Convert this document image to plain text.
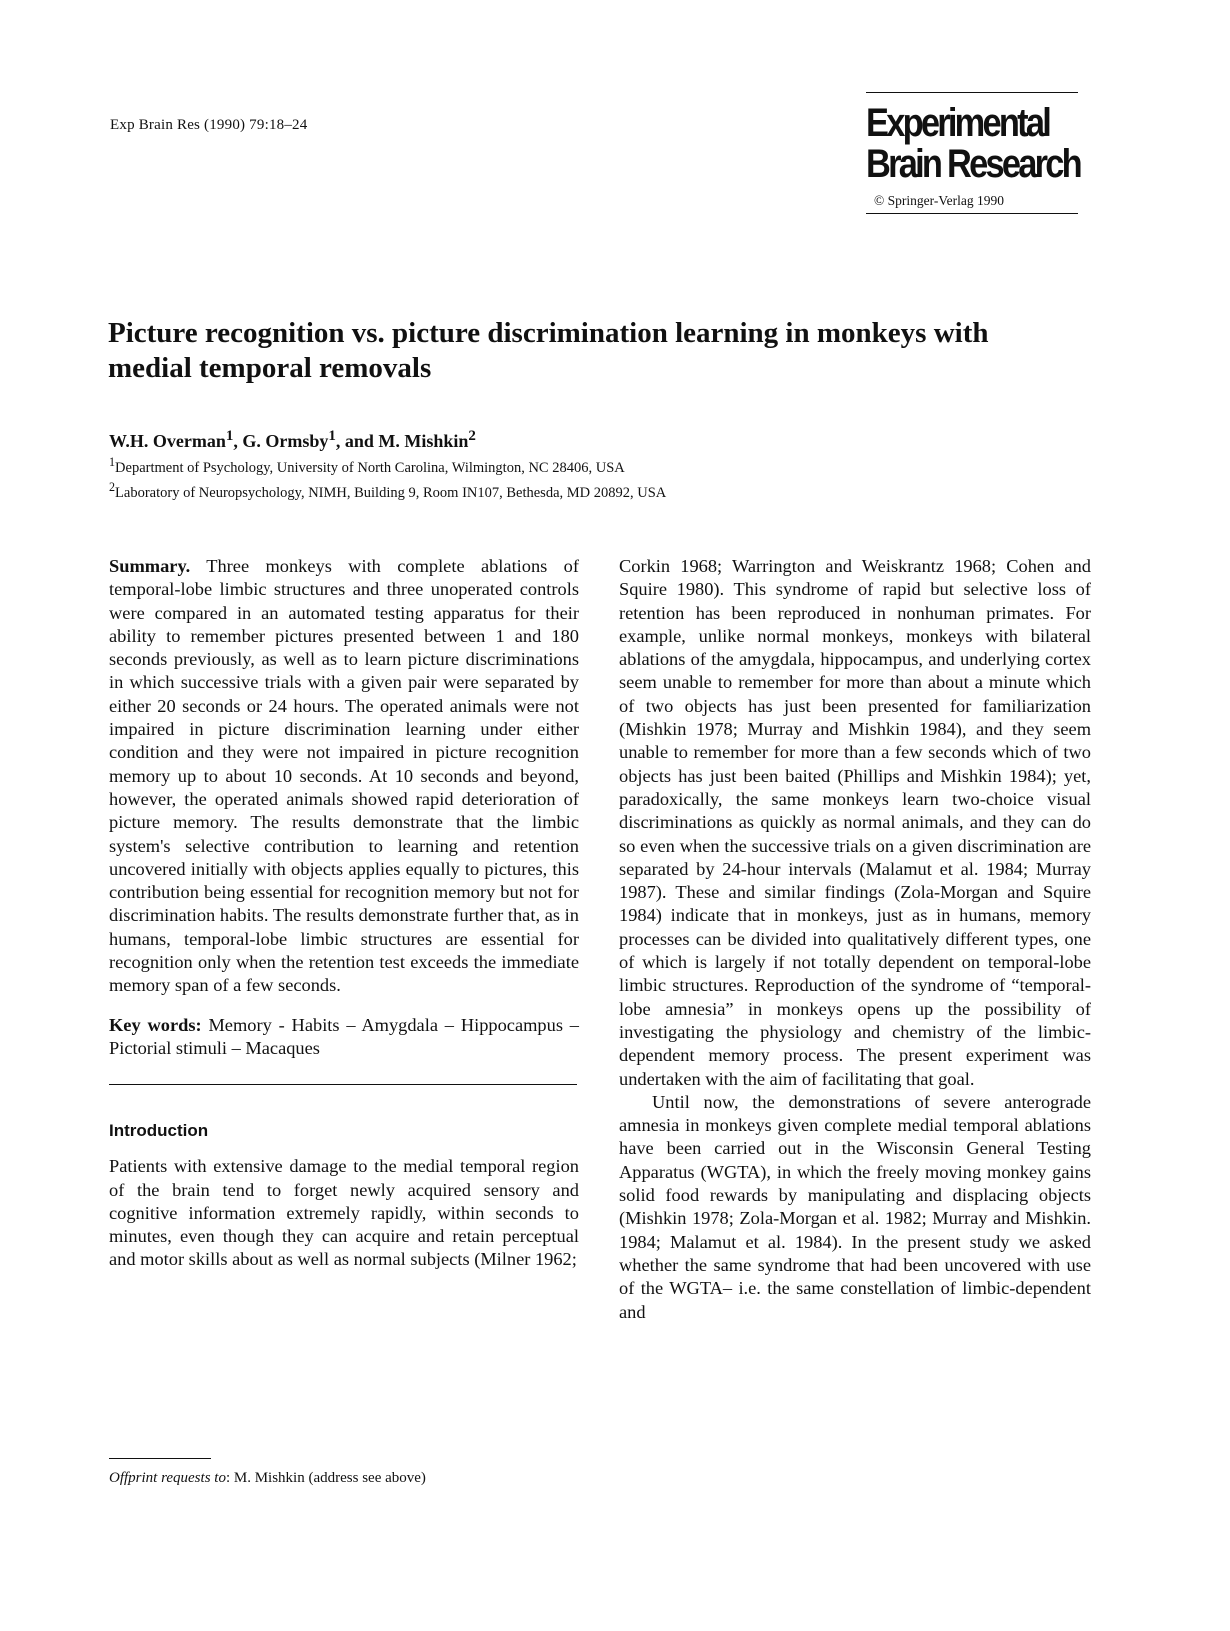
Exp Brain Res (1990) 79:18–24	Experimental
Brain Research
© Springer-Verlag 1990
Picture recognition vs. picture discrimination learning in monkeys with medial temporal removals
W.H. Overman$^1$, G. Ormsby$^1$, and M. Mishkin$^2$
$^1$Department of Psychology, University of North Carolina, Wilmington, NC 28406, USA
$^2$Laboratory of Neuropsychology, NIMH, Building 9, Room IN107, Bethesda, MD 20892, USA

Summary. Three monkeys with complete ablations of temporal-lobe limbic structures and three unoperated controls were compared in an automated testing apparatus for their ability to remember pictures presented between 1 and 180 seconds previously, as well as to learn picture discriminations in which successive trials with a given pair were separated by either 20 seconds or 24 hours. The operated animals were not impaired in picture discrimination learning under either condition and they were not impaired in picture recognition memory up to about 10 seconds. At 10 seconds and beyond, however, the operated animals showed rapid deterioration of picture memory. The results demonstrate that the limbic system's selective contribution to learning and retention uncovered initially with objects applies equally to pictures, this contribution being essential for recognition memory but not for discrimination habits. The results demonstrate further that, as in humans, temporal-lobe limbic structures are essential for recognition only when the retention test exceeds the immediate memory span of a few seconds.

Key words: Memory - Habits – Amygdala – Hippocampus – Pictorial stimuli – Macaques

Introduction

Patients with extensive damage to the medial temporal region of the brain tend to forget newly acquired sensory and cognitive information extremely rapidly, within seconds to minutes, even though they can acquire and retain perceptual and motor skills about as well as normal subjects (Milner 1962;

Corkin 1968; Warrington and Weiskrantz 1968; Cohen and Squire 1980). This syndrome of rapid but selective loss of retention has been reproduced in nonhuman primates. For example, unlike normal monkeys, monkeys with bilateral ablations of the amygdala, hippocampus, and underlying cortex seem unable to remember for more than about a minute which of two objects has just been presented for familiarization (Mishkin 1978; Murray and Mishkin 1984), and they seem unable to remember for more than a few seconds which of two objects has just been baited (Phillips and Mishkin 1984); yet, paradoxically, the same monkeys learn two-choice visual discriminations as quickly as normal animals, and they can do so even when the successive trials on a given discrimination are separated by 24-hour intervals (Malamut et al. 1984; Murray 1987). These and similar findings (Zola-Morgan and Squire 1984) indicate that in monkeys, just as in humans, memory processes can be divided into qualitatively different types, one of which is largely if not totally dependent on temporal-lobe limbic structures. Reproduction of the syndrome of “temporal-lobe amnesia” in monkeys opens up the possibility of investigating the physiology and chemistry of the limbic-dependent memory process. The present experiment was undertaken with the aim of facilitating that goal.

Until now, the demonstrations of severe anterograde amnesia in monkeys given complete medial temporal ablations have been carried out in the Wisconsin General Testing Apparatus (WGTA), in which the freely moving monkey gains solid food rewards by manipulating and displacing objects (Mishkin 1978; Zola-Morgan et al. 1982; Murray and Mishkin. 1984; Malamut et al. 1984). In the present study we asked whether the same syndrome that had been uncovered with use of the WGTA– i.e. the same constellation of limbic-dependent and

Offprint requests to: M. Mishkin (address see above)
